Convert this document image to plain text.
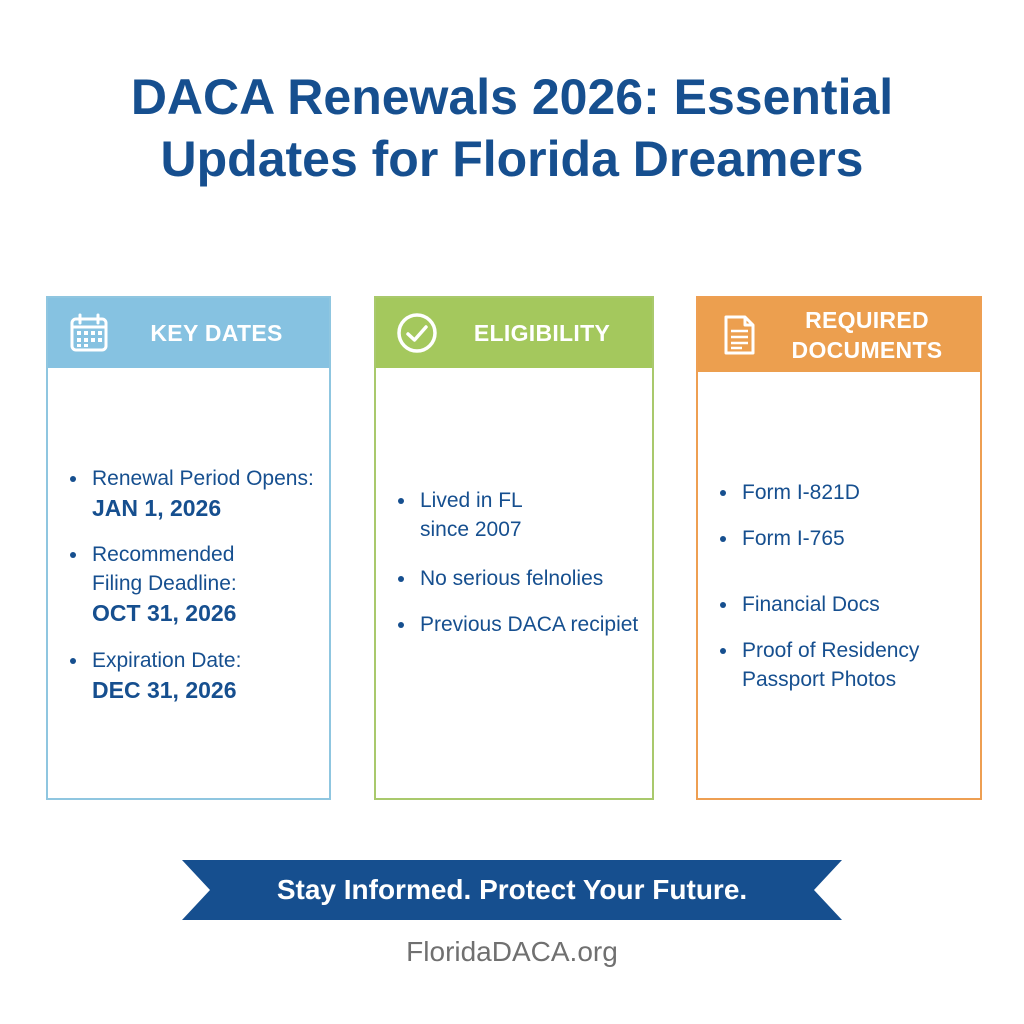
DACA Renewals 2026: Essential
Updates for Florida Dreamers
KEY DATES
Renewal Period Opens:
JAN 1, 2026
Recommended
Filing Deadline:
OCT 31, 2026
Expiration Date:
DEC 31, 2026
ELIGIBILITY
Lived in FL
since 2007
No serious felnolies
Previous DACA recipiet
REQUIRED
DOCUMENTS
Form I-821D
Form I-765
Financial Docs
Proof of Residency
Passport Photos
Stay Informed. Protect Your Future.
FloridaDACA.org
